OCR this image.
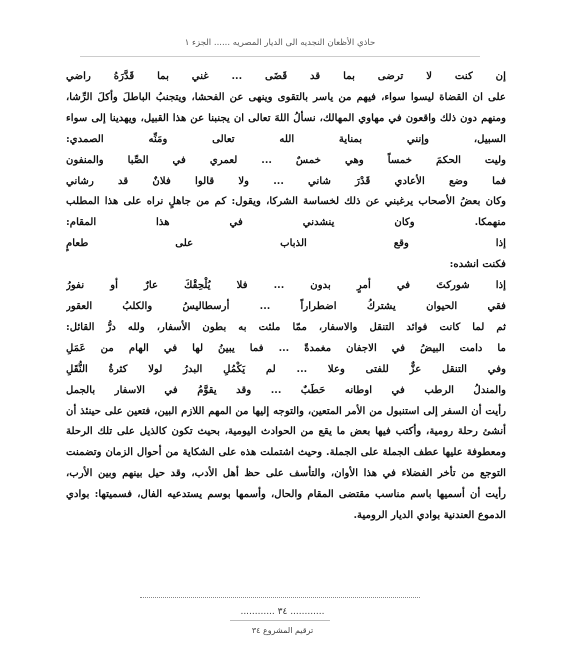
حاذي الأظعان النجديه الى الديار المصريه ...... الجزء ١
إن كنت لا ترضى بما قد قَضَى ... غني بما قَدَّرَهُ راضي
على ان القضاة ليسوا سواء، فيهم من ياسر بالتقوى وينهى عن الفحشا، ويتجنبُ الباطلَ وأكلَ الرِّشا،
ومنهم دون ذلك واقعون في مهاوي المهالك، نسألُ اللهَ تعالى ان يجنبنا عن هذا القبيل، ويهدينا إلى سواء
السبيل، وإنني بمناية الله تعالى ومَنِّه الصمدي:
وليت الحكمَ خمساً وهي خمسٌ ... لعمري في الصِّبا والمنفون
فما وضع الأعادي قَدْرَ شاني ... ولا قالوا فلانٌ قد رشاني
وكان بعضُ الأصحاب يرغبني عن ذلك لخساسة الشركا، ويقول: كم من جاهلٍ نراه على هذا المطلب
منهمكا. وكان ينشدني في هذا المقام:
إذا وقع الذباب على طعامٍ
فكنت انشده:
إذا شوركتَ في أمرٍ بدون ... فلا يُلْحِقْكَ عارٌ أو نفورُ
فقي الحيوان يشتركُ اضطراراً ... أرسطاليسُ والكلبُ العقور
ثم لما كانت فوائد التنقل والاسفار، ممّا ملئت به بطون الأسفار، ولله درُّ القائل:
ما دامت البيضُ في الاجفان مغمدةً ... فما يبينُ لها في الهام من عَمَلِ
وفي التنقل عزٌّ للفتى وعلا ... لم يَكْمُلِ البدرُ لولا كثرةُ النُّقَلِ
والمندلُ الرطب في اوطانه حَطَبٌ ... وقد يقوَّمُ في الاسفار بالجمل
رأيت أن السفر إلى استنبول من الأمر المتعين، والتوجه إليها من المهم اللازم البين، فتعين على حينئذ أن
أنشئ رحلة رومية، وأكتب فيها بعض ما يقع من الحوادث اليومية، بحيث تكون كالذيل على تلك الرحلة
ومعطوفة عليها عطف الجملة على الجملة. وحيث اشتملت هذه على الشكاية من أحوال الزمان وتضمنت
التوجع من تأخر الفضلاء في هذا الأوان، والتأسف على حظ أهل الأدب، وقد حيل بينهم وبين الأرب،
رأيت أن أسميها باسم مناسب مقتضى المقام والحال، وأسمها بوسم يستدعيه الفال، فسميتها: بوادي
الدموع العندنية بوادي الديار الرومية.
............ ٣٤ ............
ترقيم المشروع ٣٤
